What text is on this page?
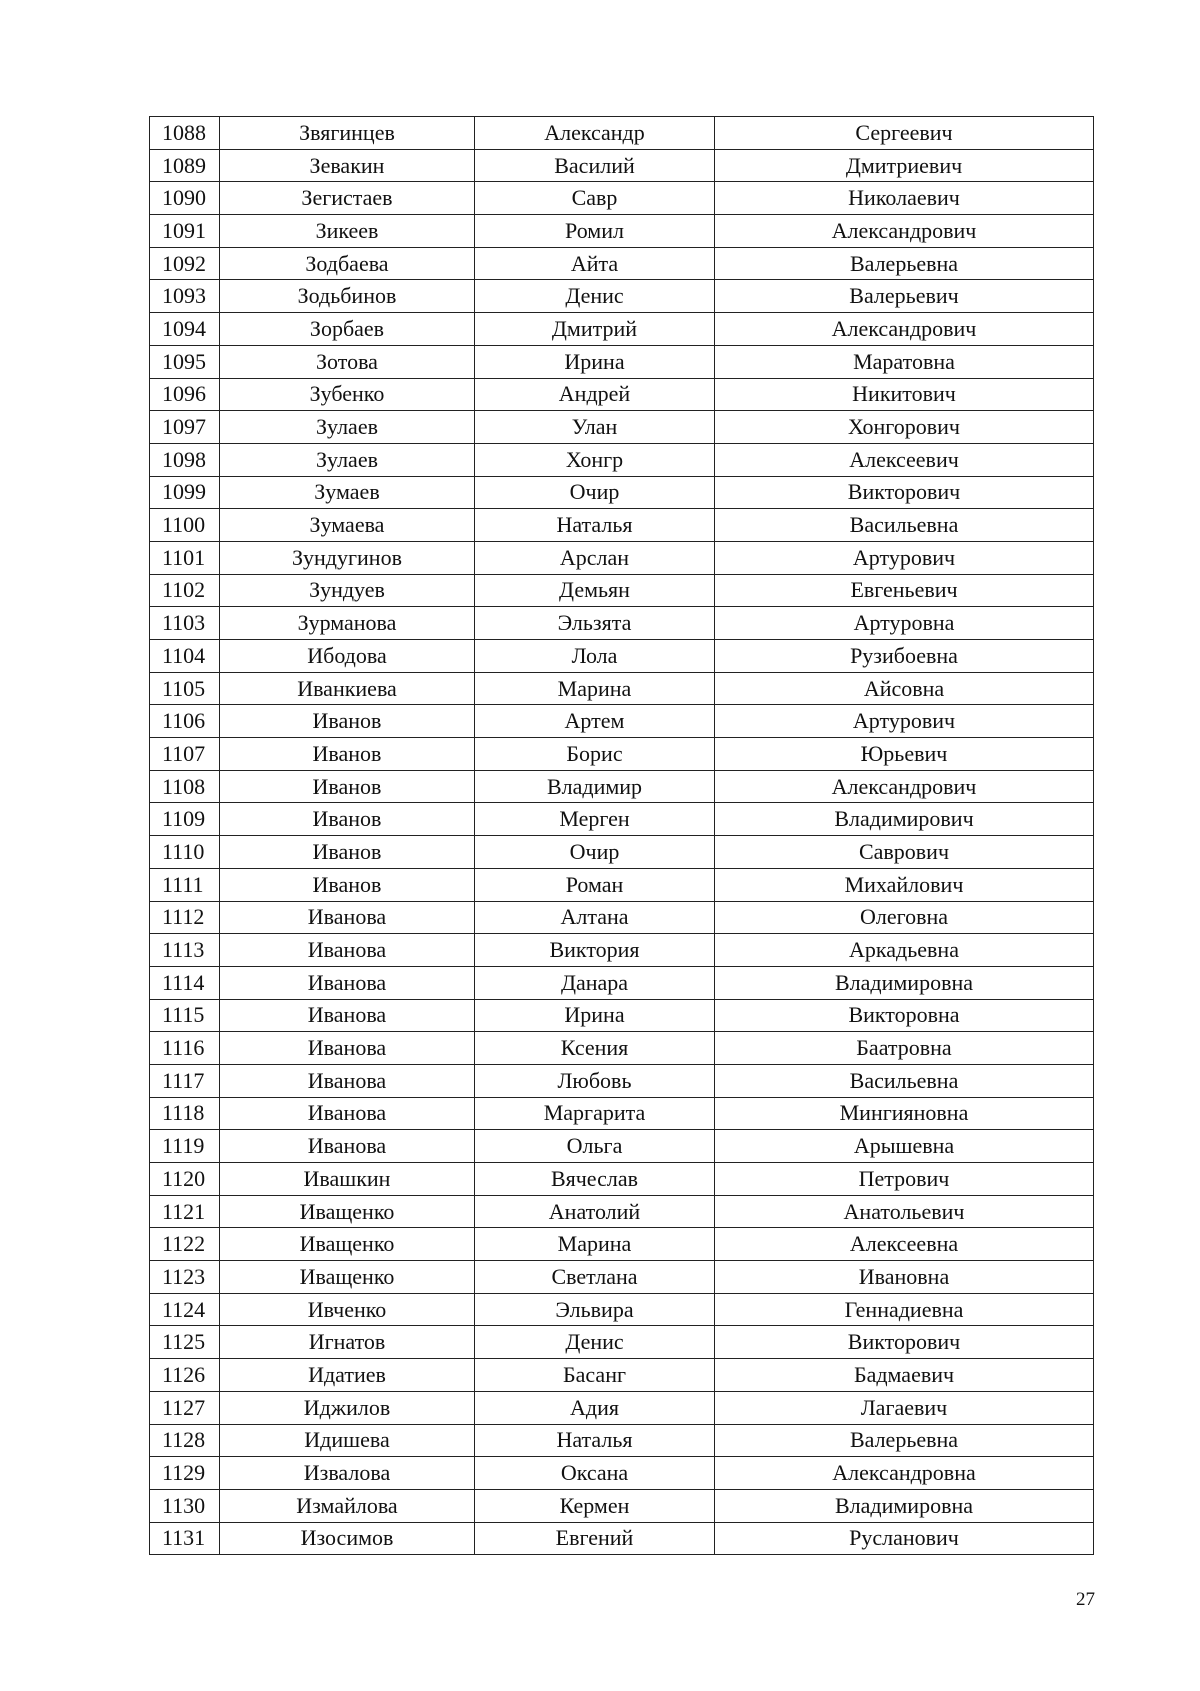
1088	Звягинцев	Александр	Сергеевич
1089	Зевакин	Василий	Дмитриевич
1090	Зегистаев	Савр	Николаевич
1091	Зикеев	Ромил	Александрович
1092	Зодбаева	Айта	Валерьевна
1093	Зодьбинов	Денис	Валерьевич
1094	Зорбаев	Дмитрий	Александрович
1095	Зотова	Ирина	Маратовна
1096	Зубенко	Андрей	Никитович
1097	Зулаев	Улан	Хонгорович
1098	Зулаев	Хонгр	Алексеевич
1099	Зумаев	Очир	Викторович
1100	Зумаева	Наталья	Васильевна
1101	Зундугинов	Арслан	Артурович
1102	Зундуев	Демьян	Евгеньевич
1103	Зурманова	Эльзята	Артуровна
1104	Ибодова	Лола	Рузибоевна
1105	Иванкиева	Марина	Айсовна
1106	Иванов	Артем	Артурович
1107	Иванов	Борис	Юрьевич
1108	Иванов	Владимир	Александрович
1109	Иванов	Мерген	Владимирович
1110	Иванов	Очир	Саврович
1111	Иванов	Роман	Михайлович
1112	Иванова	Алтана	Олеговна
1113	Иванова	Виктория	Аркадьевна
1114	Иванова	Данара	Владимировна
1115	Иванова	Ирина	Викторовна
1116	Иванова	Ксения	Баатровна
1117	Иванова	Любовь	Васильевна
1118	Иванова	Маргарита	Мингияновна
1119	Иванова	Ольга	Арышевна
1120	Ивашкин	Вячеслав	Петрович
1121	Иващенко	Анатолий	Анатольевич
1122	Иващенко	Марина	Алексеевна
1123	Иващенко	Светлана	Ивановна
1124	Ивченко	Эльвира	Геннадиевна
1125	Игнатов	Денис	Викторович
1126	Идатиев	Басанг	Бадмаевич
1127	Иджилов	Адия	Лагаевич
1128	Идишева	Наталья	Валерьевна
1129	Извалова	Оксана	Александровна
1130	Измайлова	Кермен	Владимировна
1131	Изосимов	Евгений	Русланович
27
